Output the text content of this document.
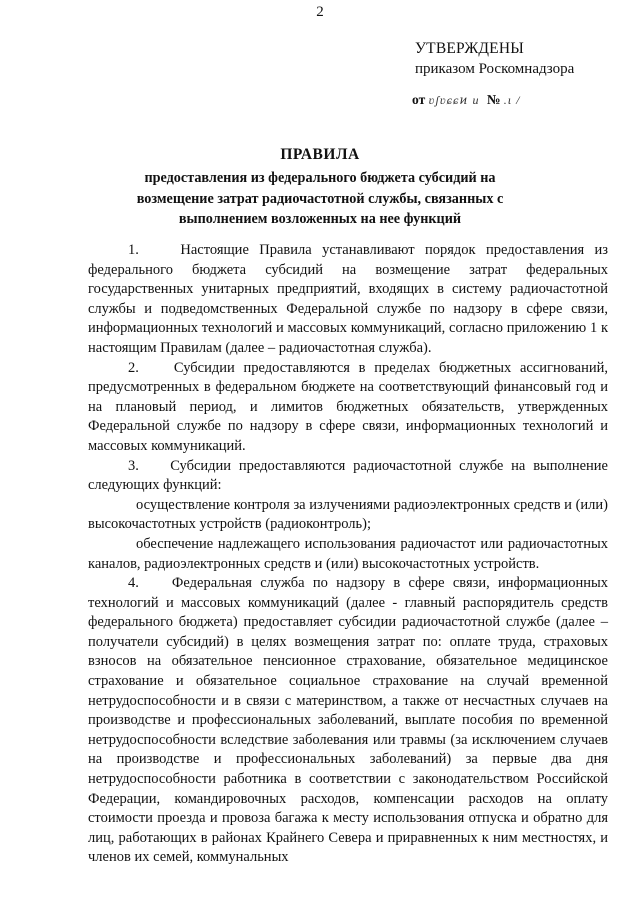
2
УТВЕРЖДЕНЫ
приказом Роскомнадзора
от ʋʃʋɕɕͷ и  № .ɩ /
ПРАВИЛА
предоставления из федерального бюджета субсидий на возмещение затрат радиочастотной службы, связанных с выполнением возложенных на нее функций

1.    Настоящие Правила устанавливают порядок предоставления из федерального бюджета субсидий на возмещение затрат федеральных государственных унитарных предприятий, входящих в систему радиочастотной службы и подведомственных Федеральной службе по надзору в сфере связи, информационных технологий и массовых коммуникаций, согласно приложению 1 к настоящим Правилам (далее – радиочастотная служба).

2.    Субсидии предоставляются в пределах бюджетных ассигнований, предусмотренных в федеральном бюджете на соответствующий финансовый год и на плановый период, и лимитов бюджетных обязательств, утвержденных Федеральной службе по надзору в сфере связи, информационных технологий и массовых коммуникаций.

3.    Субсидии предоставляются радиочастотной службе на выполнение следующих функций:

осуществление контроля за излучениями радиоэлектронных средств и (или) высокочастотных устройств (радиоконтроль);

обеспечение надлежащего использования радиочастот или радиочастотных каналов, радиоэлектронных средств и (или) высокочастотных устройств.

4.    Федеральная служба по надзору в сфере связи, информационных технологий и массовых коммуникаций (далее - главный распорядитель средств федерального бюджета) предоставляет субсидии радиочастотной службе (далее – получатели субсидий) в целях возмещения затрат по: оплате труда, страховых взносов на обязательное пенсионное страхование, обязательное медицинское страхование и обязательное социальное страхование на случай временной нетрудоспособности и в связи с материнством, а также от несчастных случаев на производстве и профессиональных заболеваний, выплате пособия по временной нетрудоспособности вследствие заболевания или травмы (за исключением случаев на производстве и профессиональных заболеваний) за первые два дня нетрудоспособности работника в соответствии с законодательством Российской Федерации, командировочных расходов, компенсации расходов на оплату стоимости проезда и провоза багажа к месту использования отпуска и обратно для лиц, работающих в районах Крайнего Севера и приравненных к ним местностях, и членов их семей, коммунальных
